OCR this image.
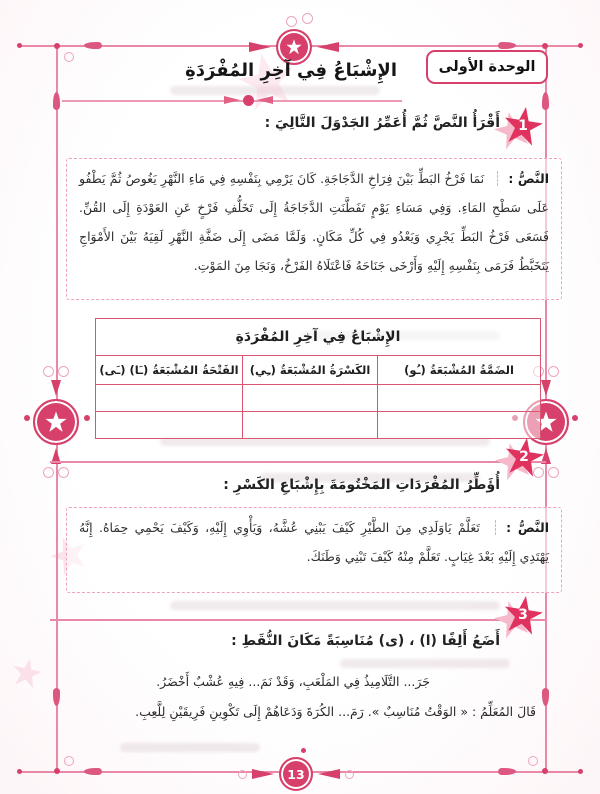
الوحدة الأولى
الإِشْبَاعُ فِي آخِرِ المُفْرَدَةِ
1
أَقْرَأُ النَّصَّ ثُمَّ أُعَمِّرُ الجَدْوَلَ التَّالِيَ :
النَّصُّ : نَمَا فَرْخُ البَطِّ بَيْنَ فِرَاخِ الدَّجَاجَةِ. كَانَ يَرْمِي بِنَفْسِهِ فِي مَاءِ النَّهْرِ يَغُوصُ ثُمَّ يَطْفُو عَلَى سَطْحِ المَاءِ. وَفِي مَسَاءِ يَوْمٍ تَفَطَّنَتِ الدَّجَاجَةُ إِلَى تَخَلُّفِ فَرْخٍ عَنِ العَوْدَةِ إِلَى القُنِّ. فَسَعَى فَرْخُ البَطِّ يَجْرِي وَيَعْدُو فِي كُلِّ مَكَانٍ. وَلَمَّا مَضَى إِلَى ضَفَّةِ النَّهْرِ لَقِيَهُ بَيْنَ الأَمْوَاجِ يَتَخَبَّطُ فَرَمَى بِنَفْسِهِ إِلَيْهِ وَأَرْخَى جَنَاحَهُ فَاعْتَلَاهُ الفَرْخُ، وَنَجَا مِنَ المَوْتِ.
الإِشْبَاعُ فِي آخِرِ المُفْرَدَةِ		
الضَمَّةُ المُشْبَعَةُ (ـُو)	الكَسْرَةُ المُشْبَعَةُ (ـِي)	الفَتْحَةُ المُشْبَعَةُ (ـَا) (ـَى)

2
أُؤَطِّرُ المُفْرَدَاتِ المَخْتُومَةَ بِإِشْبَاعِ الكَسْرِ :
النَّصُّ : تَعَلَّمْ يَاوَلَدِي مِنَ الطَّيْرِ كَيْفَ يَبْنِي عُشَّهُ، وَيَأْوِي إِلَيْهِ، وَكَيْفَ يَحْمِي حِمَاهُ. إِنَّهُ يَهْتَدِي إِلَيْهِ بَعْدَ غِيَابٍ. تَعَلَّمْ مِنْهُ كَيْفَ تَبْنِي وَطَنَكَ.
3
أَضَعُ أَلِفًا (ا) ، (ى) مُنَاسِبَةً مَكَانَ النُّقَطِ :
جَرَ... التَّلَامِيذُ فِي المَلْعَبِ، وَقَدْ نَمَ... فِيهِ عُشْبٌ أَخْضَرُ.
قَالَ المُعَلِّمُ : « الوَقْتُ مُنَاسِبٌ ». رَمَ... الكُرَةَ وَدَعَاهُمْ إِلَى تَكْوِينِ فَرِيقَيْنِ لِلَّعِبِ.
13
